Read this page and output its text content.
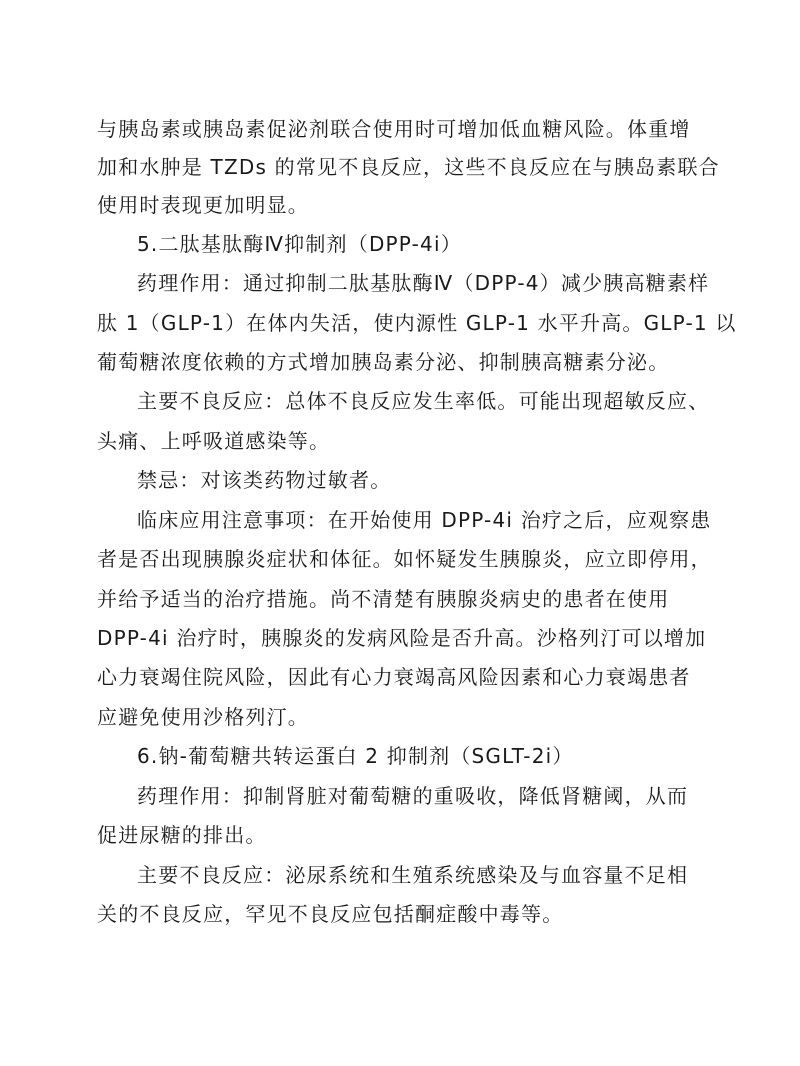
与胰岛素或胰岛素促泌剂联合使用时可增加低血糖风险。体重增
加和水肿是 TZDs 的常见不良反应，这些不良反应在与胰岛素联合
使用时表现更加明显。
5.二肽基肽酶Ⅳ抑制剂（DPP-4i）
药理作用：通过抑制二肽基肽酶Ⅳ（DPP-4）减少胰高糖素样
肽 1（GLP-1）在体内失活，使内源性 GLP-1 水平升高。GLP-1 以
葡萄糖浓度依赖的方式增加胰岛素分泌、抑制胰高糖素分泌。
主要不良反应：总体不良反应发生率低。可能出现超敏反应、
头痛、上呼吸道感染等。
禁忌：对该类药物过敏者。
临床应用注意事项：在开始使用 DPP-4i 治疗之后，应观察患
者是否出现胰腺炎症状和体征。如怀疑发生胰腺炎，应立即停用，
并给予适当的治疗措施。尚不清楚有胰腺炎病史的患者在使用
DPP-4i 治疗时，胰腺炎的发病风险是否升高。沙格列汀可以增加
心力衰竭住院风险，因此有心力衰竭高风险因素和心力衰竭患者
应避免使用沙格列汀。
6.钠-葡萄糖共转运蛋白 2 抑制剂（SGLT-2i）
药理作用：抑制肾脏对葡萄糖的重吸收，降低肾糖阈，从而
促进尿糖的排出。
主要不良反应：泌尿系统和生殖系统感染及与血容量不足相
关的不良反应，罕见不良反应包括酮症酸中毒等。
